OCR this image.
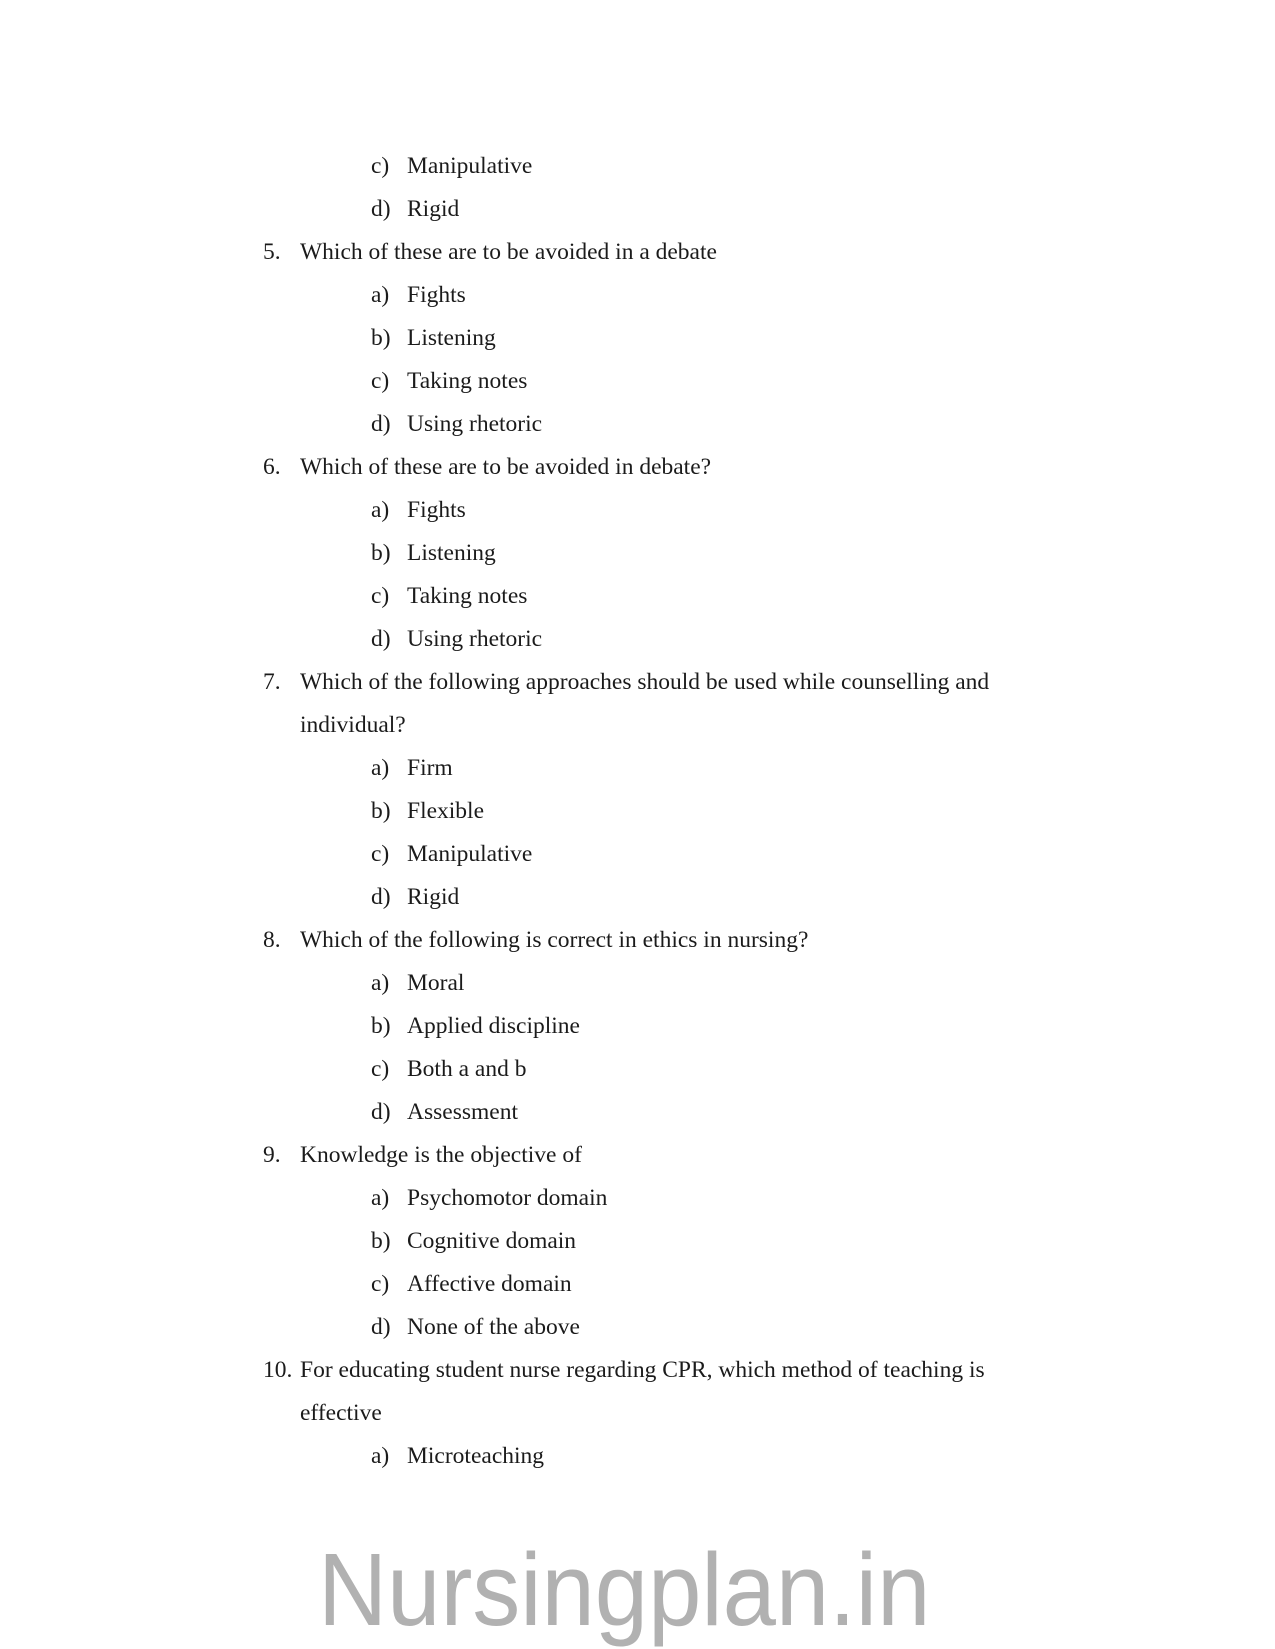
c) Manipulative
d) Rigid
5. Which of these are to be avoided in a debate
a) Fights
b) Listening
c) Taking notes
d) Using rhetoric
6. Which of these are to be avoided in debate?
a) Fights
b) Listening
c) Taking notes
d) Using rhetoric
7. Which of the following approaches should be used while counselling and
individual?
a) Firm
b) Flexible
c) Manipulative
d) Rigid
8. Which of the following is correct in ethics in nursing?
a) Moral
b) Applied discipline
c) Both a and b
d) Assessment
9. Knowledge is the objective of
a) Psychomotor domain
b) Cognitive domain
c) Affective domain
d) None of the above
10. For educating student nurse regarding CPR, which method of teaching is
effective
a) Microteaching
Nursingplan.in
